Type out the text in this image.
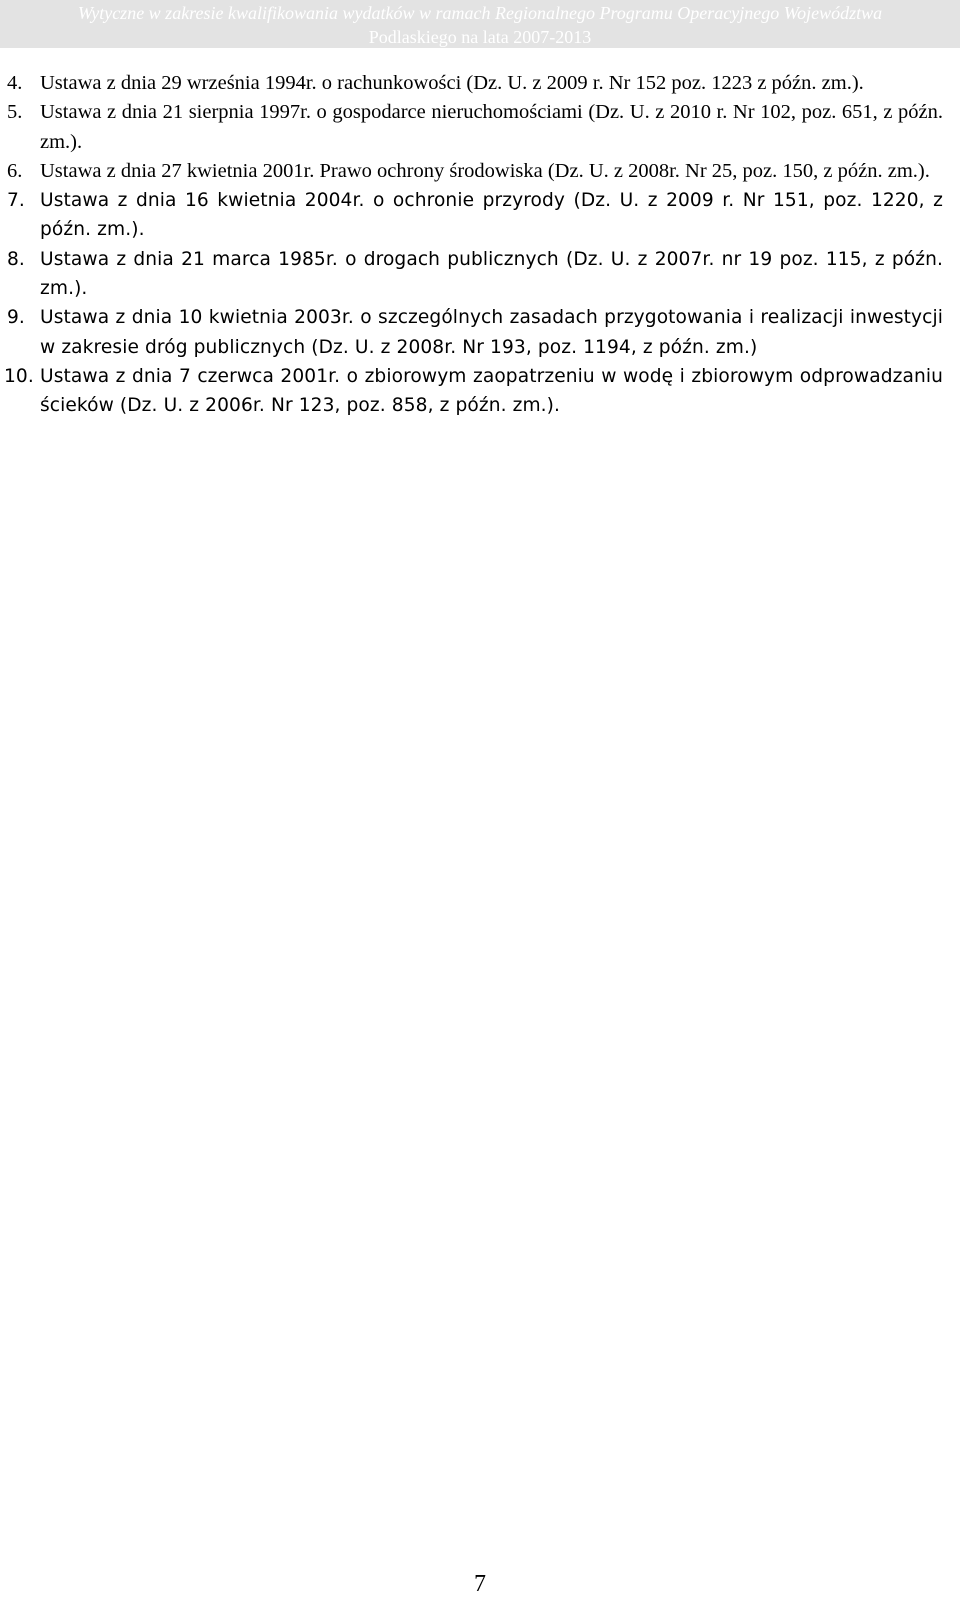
Wytyczne w zakresie kwalifikowania wydatków w ramach Regionalnego Programu Operacyjnego Województwa
Podlaskiego na lata 2007-2013
4. Ustawa z dnia 29 września 1994r. o rachunkowości (Dz. U. z 2009 r. Nr 152 poz. 1223 z późn. zm.).
5. Ustawa z dnia 21 sierpnia 1997r. o gospodarce nieruchomościami (Dz. U. z 2010 r. Nr 102, poz. 651, z późn. zm.).
6. Ustawa z dnia 27 kwietnia 2001r. Prawo ochrony środowiska (Dz. U. z 2008r. Nr 25, poz. 150, z późn. zm.).
7. Ustawa z dnia 16 kwietnia 2004r. o ochronie przyrody (Dz. U. z 2009 r. Nr 151, poz. 1220, z późn. zm.).
8. Ustawa z dnia 21 marca 1985r. o drogach publicznych (Dz. U. z 2007r. nr 19 poz. 115, z późn. zm.).
9. Ustawa z dnia 10 kwietnia 2003r. o szczególnych zasadach przygotowania i realizacji inwestycji w zakresie dróg publicznych (Dz. U. z 2008r. Nr 193, poz. 1194, z późn. zm.)
10. Ustawa z dnia 7 czerwca 2001r. o zbiorowym zaopatrzeniu w wodę i zbiorowym odprowadzaniu ścieków (Dz. U. z 2006r. Nr 123, poz. 858, z późn. zm.).
7
